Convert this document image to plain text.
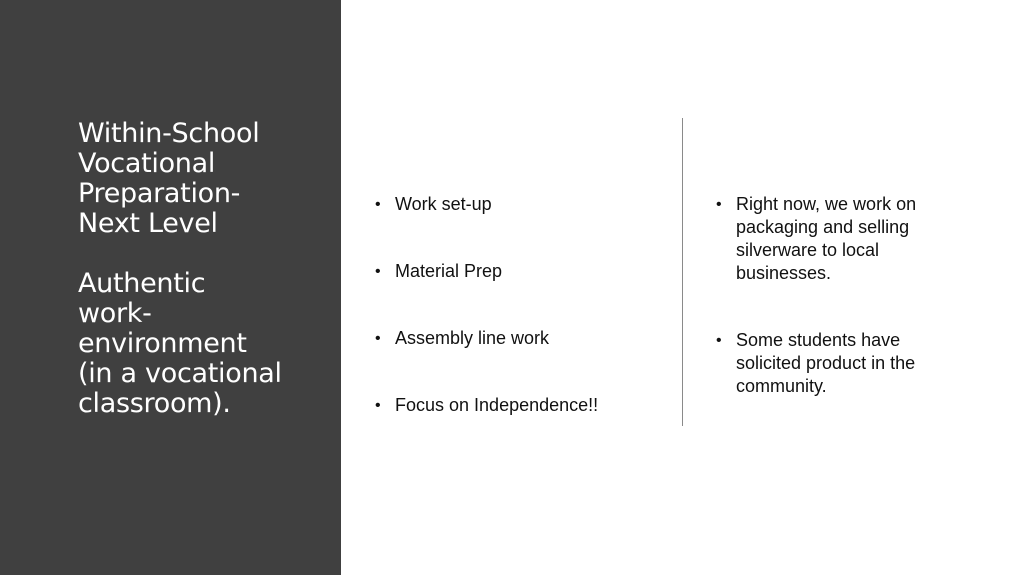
Within-School
Vocational
Preparation-
Next Level

Authentic
work-
environment
(in a vocational
classroom).

• Work set-up
• Material Prep
• Assembly line work
• Focus on Independence!!
• Right now, we work on packaging and selling silverware to local businesses.
• Some students have solicited product in the community.
